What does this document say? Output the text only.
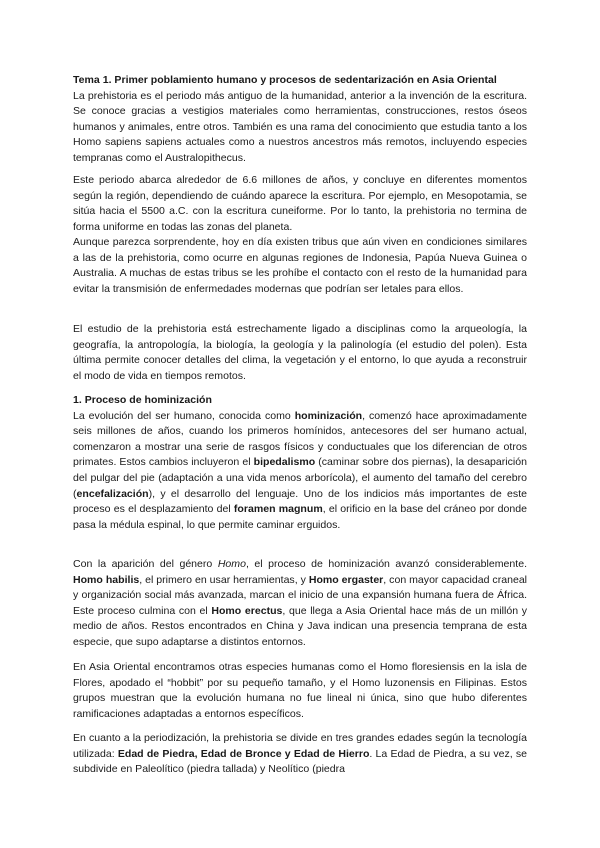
Tema 1. Primer poblamiento humano y procesos de sedentarización en Asia Oriental

La prehistoria es el periodo más antiguo de la humanidad, anterior a la invención de la escritura. Se conoce gracias a vestigios materiales como herramientas, construcciones, restos óseos humanos y animales, entre otros. También es una rama del conocimiento que estudia tanto a los Homo sapiens sapiens actuales como a nuestros ancestros más remotos, incluyendo especies tempranas como el Australopithecus.

Este periodo abarca alrededor de 6.6 millones de años, y concluye en diferentes momentos según la región, dependiendo de cuándo aparece la escritura. Por ejemplo, en Mesopotamia, se sitúa hacia el 5500 a.C. con la escritura cuneiforme. Por lo tanto, la prehistoria no termina de forma uniforme en todas las zonas del planeta.

Aunque parezca sorprendente, hoy en día existen tribus que aún viven en condiciones similares a las de la prehistoria, como ocurre en algunas regiones de Indonesia, Papúa Nueva Guinea o Australia. A muchas de estas tribus se les prohíbe el contacto con el resto de la humanidad para evitar la transmisión de enfermedades modernas que podrían ser letales para ellos.

El estudio de la prehistoria está estrechamente ligado a disciplinas como la arqueología, la geografía, la antropología, la biología, la geología y la palinología (el estudio del polen). Esta última permite conocer detalles del clima, la vegetación y el entorno, lo que ayuda a reconstruir el modo de vida en tiempos remotos.

1. Proceso de hominización

La evolución del ser humano, conocida como hominización, comenzó hace aproximadamente seis millones de años, cuando los primeros homínidos, antecesores del ser humano actual, comenzaron a mostrar una serie de rasgos físicos y conductuales que los diferencian de otros primates. Estos cambios incluyeron el bipedalismo (caminar sobre dos piernas), la desaparición del pulgar del pie (adaptación a una vida menos arborícola), el aumento del tamaño del cerebro (encefalización), y el desarrollo del lenguaje. Uno de los indicios más importantes de este proceso es el desplazamiento del foramen magnum, el orificio en la base del cráneo por donde pasa la médula espinal, lo que permite caminar erguidos.

Con la aparición del género Homo, el proceso de hominización avanzó considerablemente. Homo habilis, el primero en usar herramientas, y Homo ergaster, con mayor capacidad craneal y organización social más avanzada, marcan el inicio de una expansión humana fuera de África. Este proceso culmina con el Homo erectus, que llega a Asia Oriental hace más de un millón y medio de años. Restos encontrados en China y Java indican una presencia temprana de esta especie, que supo adaptarse a distintos entornos.

En Asia Oriental encontramos otras especies humanas como el Homo floresiensis en la isla de Flores, apodado el “hobbit” por su pequeño tamaño, y el Homo luzonensis en Filipinas. Estos grupos muestran que la evolución humana no fue lineal ni única, sino que hubo diferentes ramificaciones adaptadas a entornos específicos.

En cuanto a la periodización, la prehistoria se divide en tres grandes edades según la tecnología utilizada: Edad de Piedra, Edad de Bronce y Edad de Hierro. La Edad de Piedra, a su vez, se subdivide en Paleolítico (piedra tallada) y Neolítico (piedra
